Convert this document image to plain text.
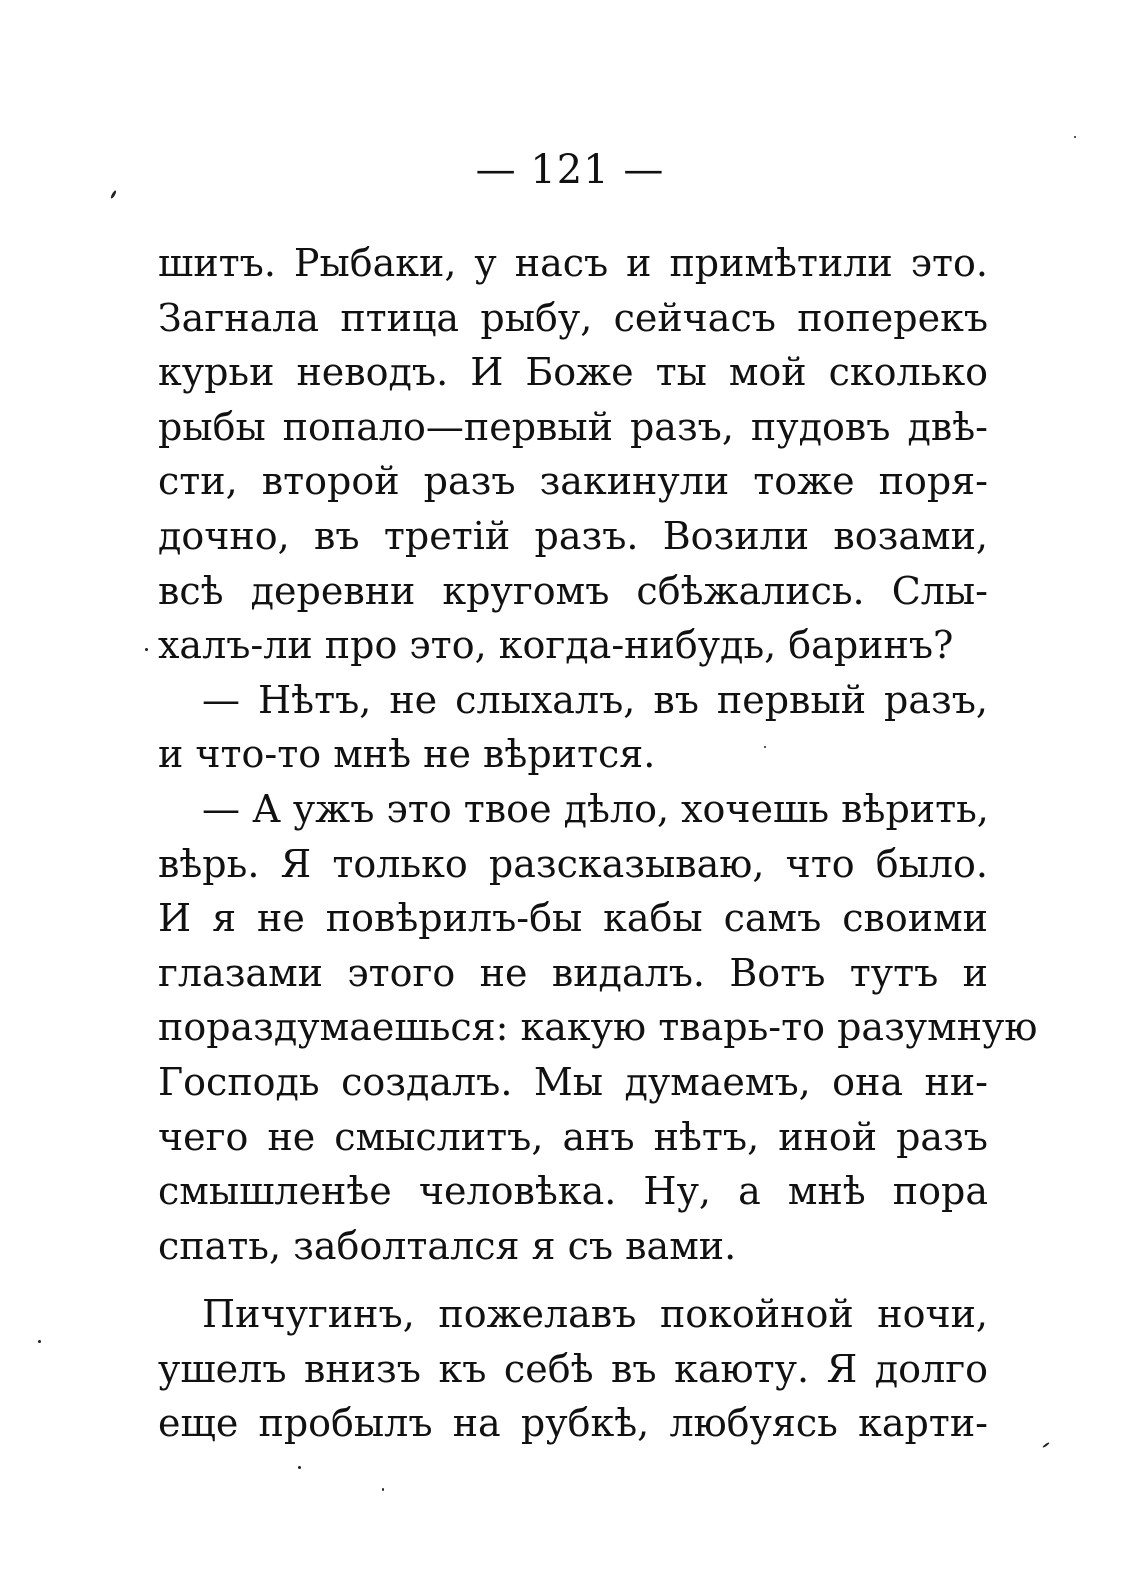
— 121 —
шитъ. Рыбаки, у насъ и примѣтили это.
Загнала птица рыбу, сейчасъ поперекъ
курьи неводъ. И Боже ты мой сколько
рыбы попало—первый разъ, пудовъ двѣ-
сти, второй разъ закинули тоже поря-
дочно, въ третій разъ. Возили возами,
всѣ деревни кругомъ сбѣжались. Слы-
халъ-ли про это, когда-нибудь, баринъ?
— Нѣтъ, не слыхалъ, въ первый разъ,
и что-то мнѣ не вѣрится.
— А ужъ это твое дѣло, хочешь вѣрить,
вѣрь. Я только разсказываю, что было.
И я не повѣрилъ-бы кабы самъ своими
глазами этого не видалъ. Вотъ тутъ и
пораздумаешься: какую тварь-то разумную
Господь создалъ. Мы думаемъ, она ни-
чего не смыслитъ, анъ нѣтъ, иной разъ
смышленѣе человѣка. Ну, а мнѣ пора
спать, заболтался я съ вами.
Пичугинъ, пожелавъ покойной ночи,
ушелъ внизъ къ себѣ въ каюту. Я долго
еще пробылъ на рубкѣ, любуясь карти-
